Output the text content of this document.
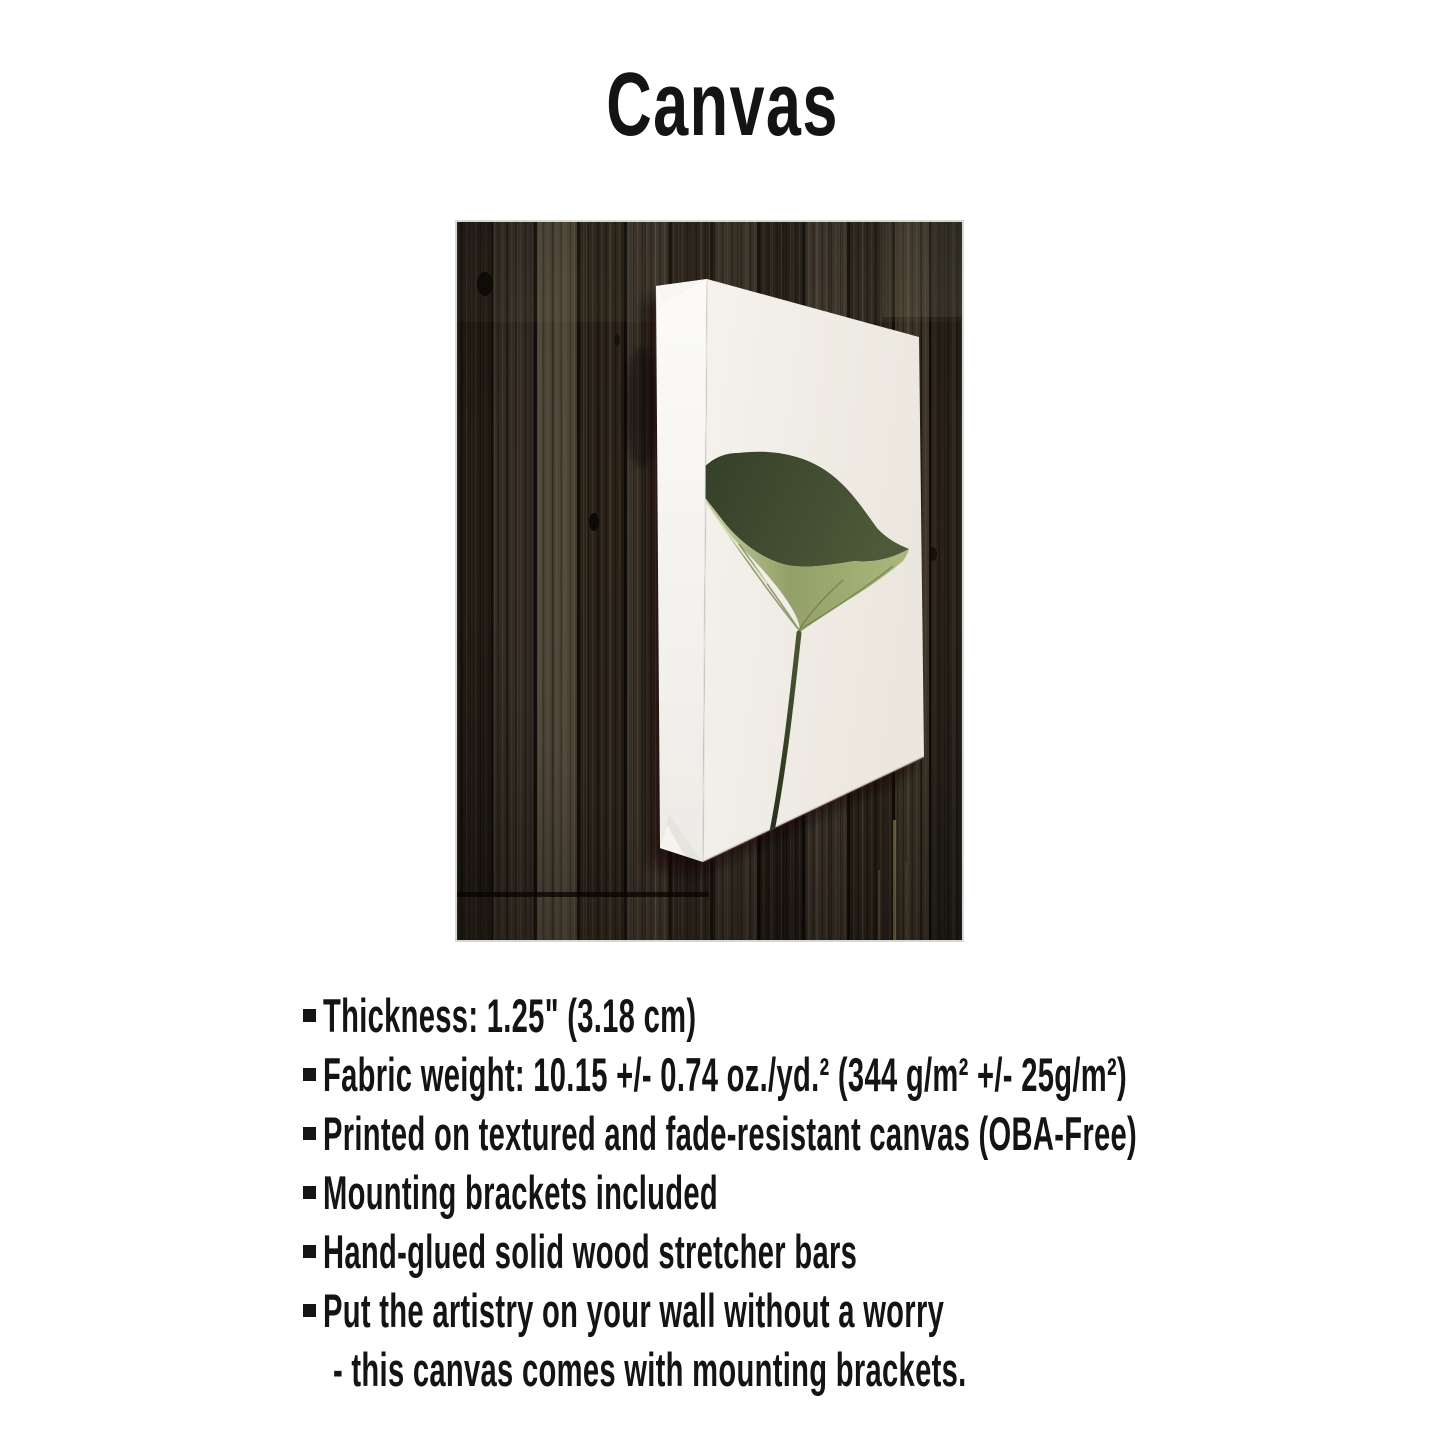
Canvas
Thickness: 1.25" (3.18 cm)
Fabric weight: 10.15 +/- 0.74 oz./yd.² (344 g/m² +/- 25g/m²)
Printed on textured and fade-resistant canvas (OBA-Free)
Mounting brackets included
Hand-glued solid wood stretcher bars
Put the artistry on your wall without a worry
- this canvas comes with mounting brackets.
